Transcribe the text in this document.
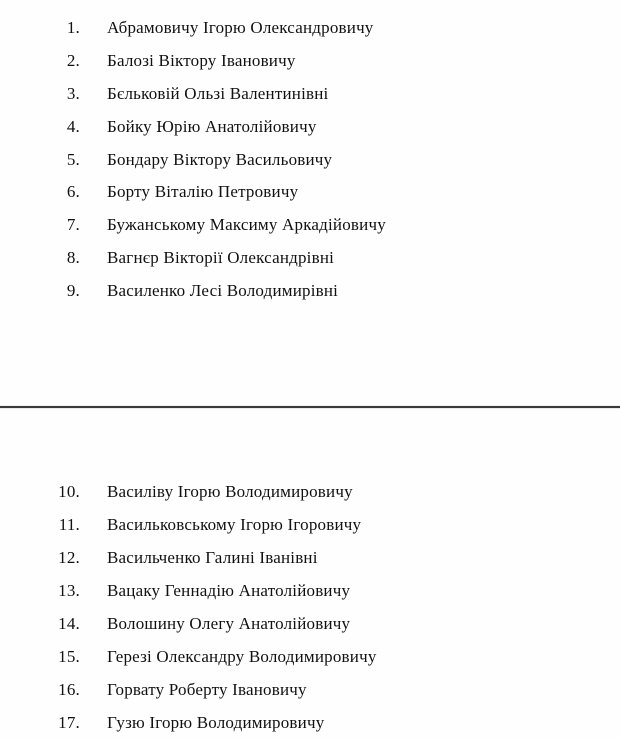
1. Абрамовичу Ігорю Олександровичу
2. Балозі Віктору Івановичу
3. Бєльковій Ользі Валентинівні
4. Бойку Юрію Анатолійовичу
5. Бондару Віктору Васильовичу
6. Борту Віталію Петровичу
7. Бужанському Максиму Аркадійовичу
8. Вагнєр Вікторії Олександрівні
9. Василенко Лесі Володимирівні
10. Василіву Ігорю Володимировичу
11. Васильковському Ігорю Ігоровичу
12. Васильченко Галині Іванівні
13. Вацаку Геннадію Анатолійовичу
14. Волошину Олегу Анатолійовичу
15. Герезі Олександру Володимировичу
16. Горвату Роберту Івановичу
17. Гузю Ігорю Володимировичу
